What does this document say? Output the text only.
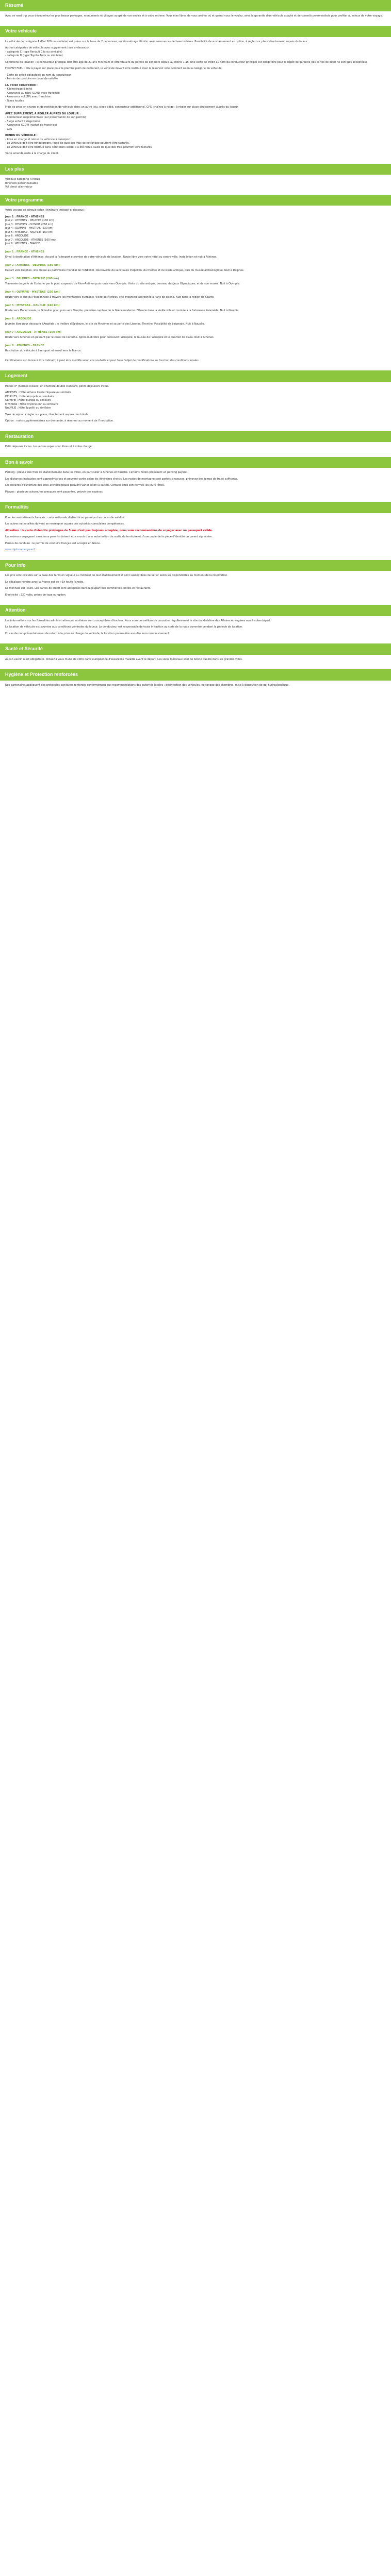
Résumé

Avec ce road trip vous découvrirez les plus beaux paysages, monuments et villages au gré de vos envies et à votre rythme. Vous êtes libres de vous arrêter où et quand vous le voulez, avec la garantie d'un véhicule adapté et de conseils personnalisés pour profiter au mieux de votre voyage.

Votre véhicule

Le véhicule de catégorie A (Fiat 500 ou similaire) est prévu sur la base de 2 personnes, en kilométrage illimité, avec assurances de base incluses. Possibilité de surclassement en option, à régler sur place directement auprès du loueur.

Autres catégories de véhicule avec supplément (voir ci-dessous) :

- catégorie C (type Renault Clio ou similaire)

- catégorie D (type Toyota Auris ou similaire)

Conditions de location : le conducteur principal doit être âgé de 21 ans minimum et être titulaire du permis de conduire depuis au moins 1 an. Une carte de crédit au nom du conducteur principal est obligatoire pour le dépôt de garantie (les cartes de débit ne sont pas acceptées).

FORFAIT FUEL : Prix à payer sur place pour le premier plein de carburant, le véhicule devant être restitué avec le réservoir vide. Montant selon la catégorie du véhicule.

- Carte de crédit obligatoire au nom du conducteur

- Permis de conduire en cours de validité

LA PRISE COMPREND :

- Kilométrage illimité

- Assurance au tiers (CDW) avec franchise

- Assurance vol (TP) avec franchise

- Taxes locales

Frais de prise en charge et de restitution de véhicule dans un autre lieu, siège bébé, conducteur additionnel, GPS, chaînes à neige : à régler sur place directement auprès du loueur.

AVEC SUPPLÉMENT, À RÉGLER AUPRÈS DU LOUEUR :

- Conducteur supplémentaire (sur présentation de son permis)

- Siège enfant / siège bébé

- Assurance SCDW (rachat de franchise)

- GPS

RENDU DU VÉHICULE :

- Prise en charge et retour du véhicule à l'aéroport.

- Le véhicule doit être rendu propre, faute de quoi des frais de nettoyage pourront être facturés.

- Le véhicule doit être restitué dans l'état dans lequel il a été remis, faute de quoi des frais pourront être facturés.

Toute amende reste à la charge du client.

Les plus

Véhicule catégorie A inclus

Itinéraire personnalisable

Vol direct aller-retour

Votre programme

Votre voyage se déroule selon l'itinéraire indicatif ci-dessous :

Jour 1 : FRANCE - ATHÈNES

Jour 2 : ATHÈNES - DELPHES (180 km)

Jour 3 : DELPHES - OLYMPIE (260 km)

Jour 4 : OLYMPIE - MYSTRAS (230 km)

Jour 5 : MYSTRAS - NAUPLIE (160 km)

Jour 6 : ARGOLIDE

Jour 7 : ARGOLIDE - ATHÈNES (160 km)

Jour 8 : ATHÈNES - FRANCE

Jour 1 : FRANCE - ATHÈNES

Envol à destination d'Athènes. Accueil à l'aéroport et remise de votre véhicule de location. Route libre vers votre hôtel au centre-ville. Installation et nuit à Athènes.

Jour 2 : ATHÈNES - DELPHES (180 km)

Départ vers Delphes, site classé au patrimoine mondial de l'UNESCO. Découverte du sanctuaire d'Apollon, du théâtre et du stade antique, puis du musée archéologique. Nuit à Delphes.

Jour 3 : DELPHES - OLYMPIE (260 km)

Traversée du golfe de Corinthe par le pont suspendu de Rion-Antirion puis route vers Olympie. Visite du site antique, berceau des Jeux Olympiques, et de son musée. Nuit à Olympie.

Jour 4 : OLYMPIE - MYSTRAS (230 km)

Route vers le sud du Péloponnèse à travers les montagnes d'Arcadie. Visite de Mystras, cité byzantine accrochée à flanc de colline. Nuit dans la région de Sparte.

Jour 5 : MYSTRAS - NAUPLIE (160 km)

Route vers Monemvasia, le Gibraltar grec, puis vers Nauplie, première capitale de la Grèce moderne. Flânerie dans la vieille ville et montée à la forteresse Palamède. Nuit à Nauplie.

Jour 6 : ARGOLIDE

Journée libre pour découvrir l'Argolide : le théâtre d'Épidaure, le site de Mycènes et sa porte des Lionnes, Tirynthe. Possibilité de baignade. Nuit à Nauplie.

Jour 7 : ARGOLIDE - ATHÈNES (160 km)

Route vers Athènes en passant par le canal de Corinthe. Après-midi libre pour découvrir l'Acropole, le musée de l'Acropole et le quartier de Plaka. Nuit à Athènes.

Jour 8 : ATHÈNES - FRANCE

Restitution du véhicule à l'aéroport et envol vers la France.

Cet itinéraire est donné à titre indicatif, il peut être modifié selon vos souhaits et peut faire l'objet de modifications en fonction des conditions locales.

Logement

Hôtels 3* (normes locales) en chambre double standard, petits déjeuners inclus.

ATHÈNES : Hôtel Athens Center Square ou similaire

DELPHES : Hôtel Acropole ou similaire

OLYMPIE : Hôtel Europa ou similaire

MYSTRAS : Hôtel Mystras Inn ou similaire

NAUPLIE : Hôtel Ippoliti ou similaire

Taxe de séjour à régler sur place, directement auprès des hôtels.

Option : nuits supplémentaires sur demande, à réserver au moment de l'inscription.

Restauration

Petit déjeuner inclus. Les autres repas sont libres et à votre charge.

Bon à savoir

Parking : prévoir des frais de stationnement dans les villes, en particulier à Athènes et Nauplie. Certains hôtels proposent un parking payant.

Les distances indiquées sont approximatives et peuvent varier selon les itinéraires choisis. Les routes de montagne sont parfois sinueuses, prévoyez des temps de trajet suffisants.

Les horaires d'ouverture des sites archéologiques peuvent varier selon la saison. Certains sites sont fermés les jours fériés.

Péages : plusieurs autoroutes grecques sont payantes, prévoir des espèces.

Formalités

Pour les ressortissants français : carte nationale d'identité ou passeport en cours de validité.

Les autres nationalités doivent se renseigner auprès des autorités consulaires compétentes.

Attention : la carte d'identité prolongée de 5 ans n'est pas toujours acceptée, nous vous recommandons de voyager avec un passeport valide.

Les mineurs voyageant sans leurs parents doivent être munis d'une autorisation de sortie de territoire et d'une copie de la pièce d'identité du parent signataire.

Permis de conduire : le permis de conduire français est accepté en Grèce.

www.diplomatie.gouv.fr

Pour info

Les prix sont calculés sur la base des tarifs en vigueur au moment de leur établissement et sont susceptibles de varier selon les disponibilités au moment de la réservation.

Le décalage horaire avec la France est de +1h toute l'année.

La monnaie est l'euro. Les cartes de crédit sont acceptées dans la plupart des commerces, hôtels et restaurants.

Électricité : 220 volts, prises de type européen.

Attention

Les informations sur les formalités administratives et sanitaires sont susceptibles d'évoluer. Nous vous conseillons de consulter régulièrement le site du Ministère des Affaires étrangères avant votre départ.

La location de véhicule est soumise aux conditions générales du loueur. Le conducteur est responsable de toute infraction au code de la route commise pendant la période de location.

En cas de non-présentation ou de retard à la prise en charge du véhicule, la location pourra être annulée sans remboursement.

Santé et Sécurité

Aucun vaccin n'est obligatoire. Pensez à vous munir de votre carte européenne d'assurance maladie avant le départ. Les soins médicaux sont de bonne qualité dans les grandes villes.

Hygiène et Protection renforcées

Nos partenaires appliquent des protocoles sanitaires renforcés conformément aux recommandations des autorités locales : désinfection des véhicules, nettoyage des chambres, mise à disposition de gel hydroalcoolique.
